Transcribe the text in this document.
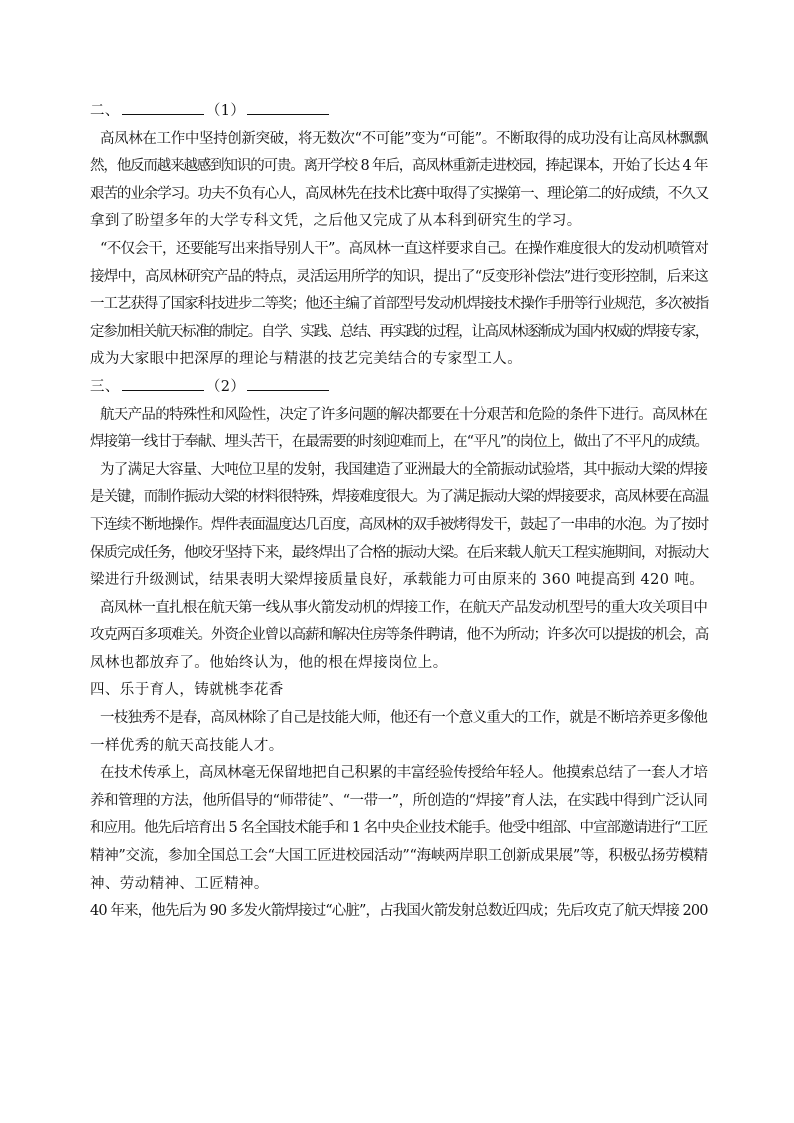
二、	（1）
高凤林在工作中坚持创新突破，将无数次“不可能”变为“可能”。不断取得的成功没有让高凤林飘飘
然，他反而越来越感到知识的可贵。离开学校 8 年后，高凤林重新走进校园，捧起课本，开始了长达 4 年
艰苦的业余学习。功夫不负有心人，高凤林先在技术比赛中取得了实操第一、理论第二的好成绩，不久又
拿到了盼望多年的大学专科文凭，之后他又完成了从本科到研究生的学习。
“不仅会干，还要能写出来指导别人干”。高凤林一直这样要求自己。在操作难度很大的发动机喷管对
接焊中，高凤林研究产品的特点，灵活运用所学的知识，提出了“反变形补偿法”进行变形控制，后来这
一工艺获得了国家科技进步二等奖；他还主编了首部型号发动机焊接技术操作手册等行业规范，多次被指
定参加相关航天标准的制定。自学、实践、总结、再实践的过程，让高凤林逐渐成为国内权威的焊接专家，
成为大家眼中把深厚的理论与精湛的技艺完美结合的专家型工人。
三、	（2）
航天产品的特殊性和风险性，决定了许多问题的解决都要在十分艰苦和危险的条件下进行。高凤林在
焊接第一线甘于奉献、埋头苦干，在最需要的时刻迎难而上，在“平凡”的岗位上，做出了不平凡的成绩。
为了满足大容量、大吨位卫星的发射，我国建造了亚洲最大的全箭振动试验塔，其中振动大梁的焊接
是关键，而制作振动大梁的材料很特殊，焊接难度很大。为了满足振动大梁的焊接要求，高凤林要在高温
下连续不断地操作。焊件表面温度达几百度，高凤林的双手被烤得发干，鼓起了一串串的水泡。为了按时
保质完成任务，他咬牙坚持下来，最终焊出了合格的振动大梁。在后来载人航天工程实施期间，对振动大
梁进行升级测试，结果表明大梁焊接质量良好，承载能力可由原来的 360 吨提高到 420 吨。
高凤林一直扎根在航天第一线从事火箭发动机的焊接工作，在航天产品发动机型号的重大攻关项目中
攻克两百多项难关。外资企业曾以高薪和解决住房等条件聘请，他不为所动；许多次可以提拔的机会，高
凤林也都放弃了。他始终认为，他的根在焊接岗位上。
四、乐于育人，铸就桃李花香
一枝独秀不是春，高凤林除了自己是技能大师，他还有一个意义重大的工作，就是不断培养更多像他
一样优秀的航天高技能人才。
在技术传承上，高凤林毫无保留地把自己积累的丰富经验传授给年轻人。他摸索总结了一套人才培
养和管理的方法，他所倡导的“师带徒”、“一带一”，所创造的“焊接”育人法，在实践中得到广泛认同
和应用。他先后培育出 5 名全国技术能手和 1 名中央企业技术能手。他受中组部、中宣部邀请进行“工匠
精神”交流，参加全国总工会“大国工匠进校园活动”“海峡两岸职工创新成果展”等，积极弘扬劳模精
神、劳动精神、工匠精神。
40 年来，他先后为 90 多发火箭焊接过“心脏”，占我国火箭发射总数近四成；先后攻克了航天焊接 200
